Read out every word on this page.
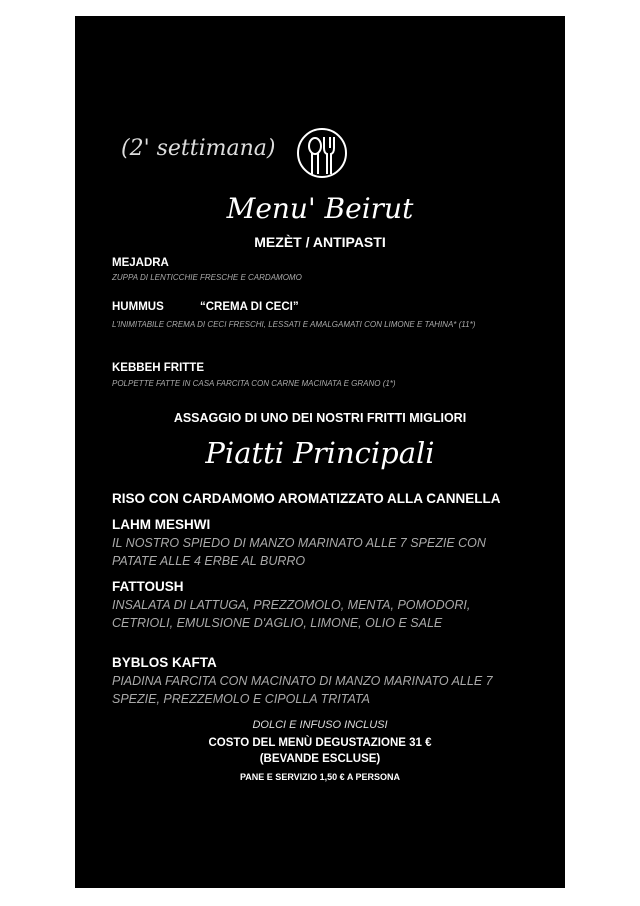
(2' settimana)
Menu' Beirut
MEZÈT / ANTIPASTI
MEJADRA
ZUPPA DI LENTICCHIE FRESCHE E CARDAMOMO
HUMMUS	“CREMA DI CECI”
L'INIMITABILE CREMA DI CECI FRESCHI, LESSATI E AMALGAMATI CON LIMONE E TAHINA* (11*)
KEBBEH FRITTE
POLPETTE FATTE IN CASA FARCITA CON CARNE MACINATA E GRANO (1*)
ASSAGGIO DI UNO DEI NOSTRI FRITTI MIGLIORI
Piatti Principali
RISO CON CARDAMOMO AROMATIZZATO ALLA CANNELLA
LAHM MESHWI
IL NOSTRO SPIEDO DI MANZO MARINATO ALLE 7 SPEZIE CON PATATE ALLE 4 ERBE AL BURRO
FATTOUSH
INSALATA DI LATTUGA, PREZZOMOLO, MENTA, POMODORI, CETRIOLI, EMULSIONE D'AGLIO, LIMONE, OLIO E SALE
BYBLOS KAFTA
PIADINA FARCITA CON MACINATO DI MANZO MARINATO ALLE 7 SPEZIE, PREZZEMOLO E CIPOLLA TRITATA
DOLCI E INFUSO INCLUSI
COSTO DEL MENÙ DEGUSTAZIONE 31 €
(BEVANDE ESCLUSE)
PANE E SERVIZIO 1,50 € A PERSONA
